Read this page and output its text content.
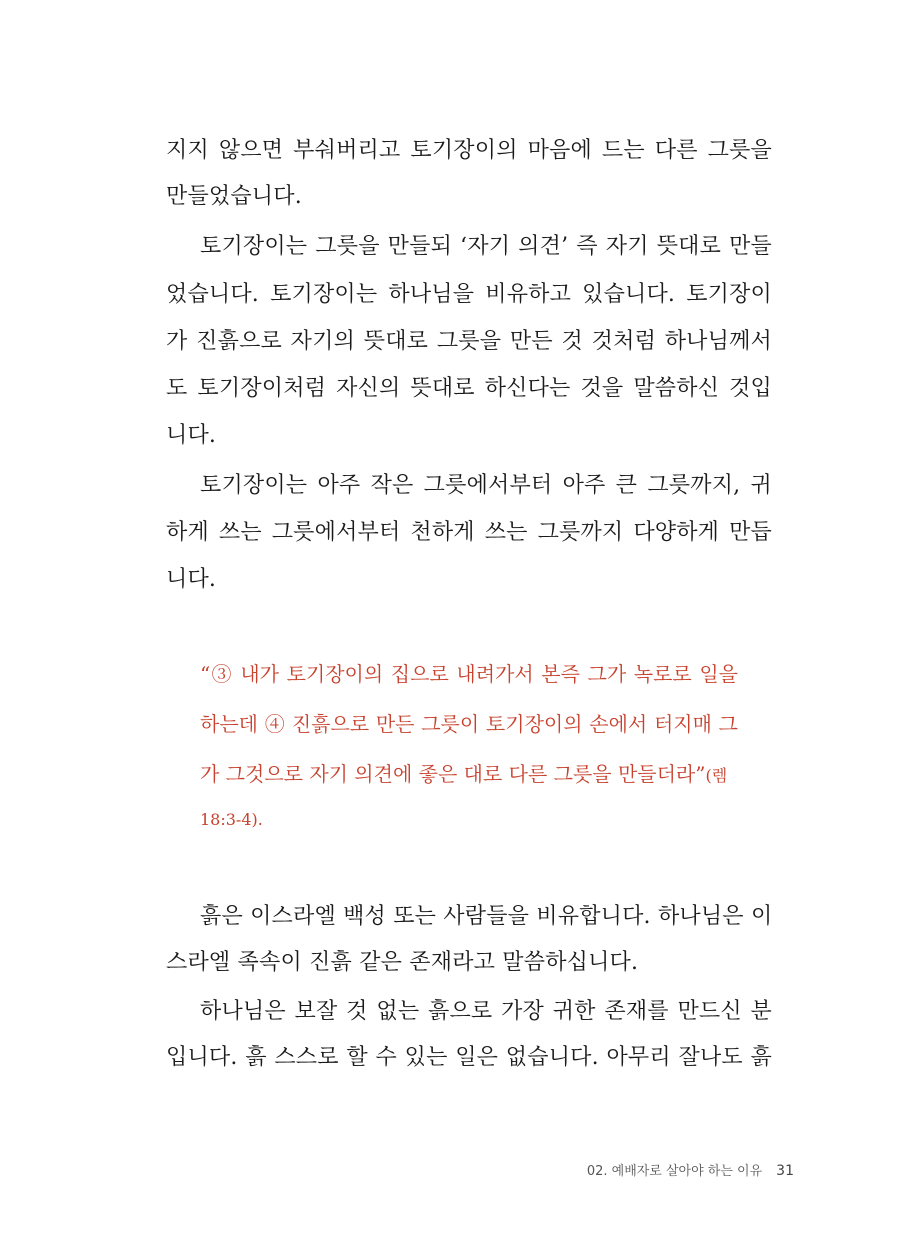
지지 않으면 부숴버리고 토기장이의 마음에 드는 다른 그릇을
만들었습니다.
토기장이는 그릇을 만들되 ‘자기 의견’ 즉 자기 뜻대로 만들
었습니다. 토기장이는 하나님을 비유하고 있습니다. 토기장이
가 진흙으로 자기의 뜻대로 그릇을 만든 것 것처럼 하나님께서
도 토기장이처럼 자신의 뜻대로 하신다는 것을 말씀하신 것입
니다.
토기장이는 아주 작은 그릇에서부터 아주 큰 그릇까지, 귀
하게 쓰는 그릇에서부터 천하게 쓰는 그릇까지 다양하게 만듭
니다.
“③ 내가 토기장이의 집으로 내려가서 본즉 그가 녹로로 일을
하는데 ④ 진흙으로 만든 그릇이 토기장이의 손에서 터지매 그
가 그것으로 자기 의견에 좋은 대로 다른 그릇을 만들더라”(렘
18:3-4).
흙은 이스라엘 백성 또는 사람들을 비유합니다. 하나님은 이
스라엘 족속이 진흙 같은 존재라고 말씀하십니다.
하나님은 보잘 것 없는 흙으로 가장 귀한 존재를 만드신 분
입니다. 흙 스스로 할 수 있는 일은 없습니다. 아무리 잘나도 흙
02. 예배자로 살아야 하는 이유 31
